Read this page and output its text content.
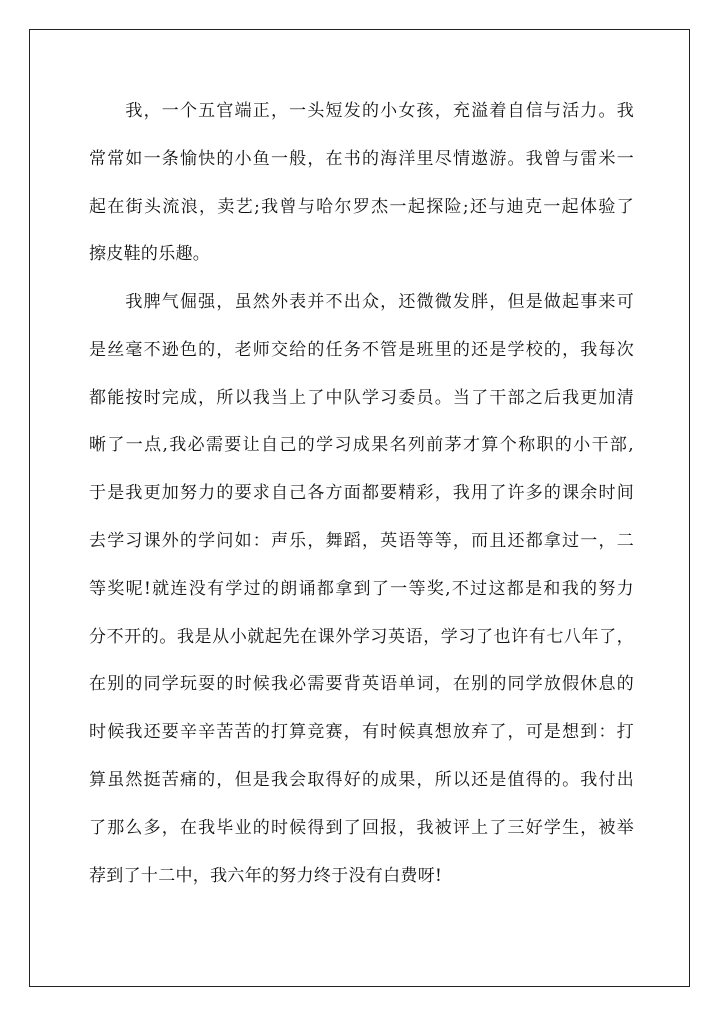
　　我，一个五官端正，一头短发的小女孩，充溢着自信与活力。我
常常如一条愉快的小鱼一般，在书的海洋里尽情遨游。我曾与雷米一
起在街头流浪，卖艺;我曾与哈尔罗杰一起探险;还与迪克一起体验了
擦皮鞋的乐趣。
　　我脾气倔强，虽然外表并不出众，还微微发胖，但是做起事来可
是丝毫不逊色的，老师交给的任务不管是班里的还是学校的，我每次
都能按时完成，所以我当上了中队学习委员。当了干部之后我更加清
晰了一点,我必需要让自己的学习成果名列前茅才算个称职的小干部,
于是我更加努力的要求自己各方面都要精彩，我用了许多的课余时间
去学习课外的学问如：声乐，舞蹈，英语等等，而且还都拿过一，二
等奖呢!就连没有学过的朗诵都拿到了一等奖,不过这都是和我的努力
分不开的。我是从小就起先在课外学习英语，学习了也许有七八年了，
在别的同学玩耍的时候我必需要背英语单词，在别的同学放假休息的
时候我还要辛辛苦苦的打算竞赛，有时候真想放弃了，可是想到：打
算虽然挺苦痛的，但是我会取得好的成果，所以还是值得的。我付出
了那么多，在我毕业的时候得到了回报，我被评上了三好学生，被举
荐到了十二中，我六年的努力终于没有白费呀!
